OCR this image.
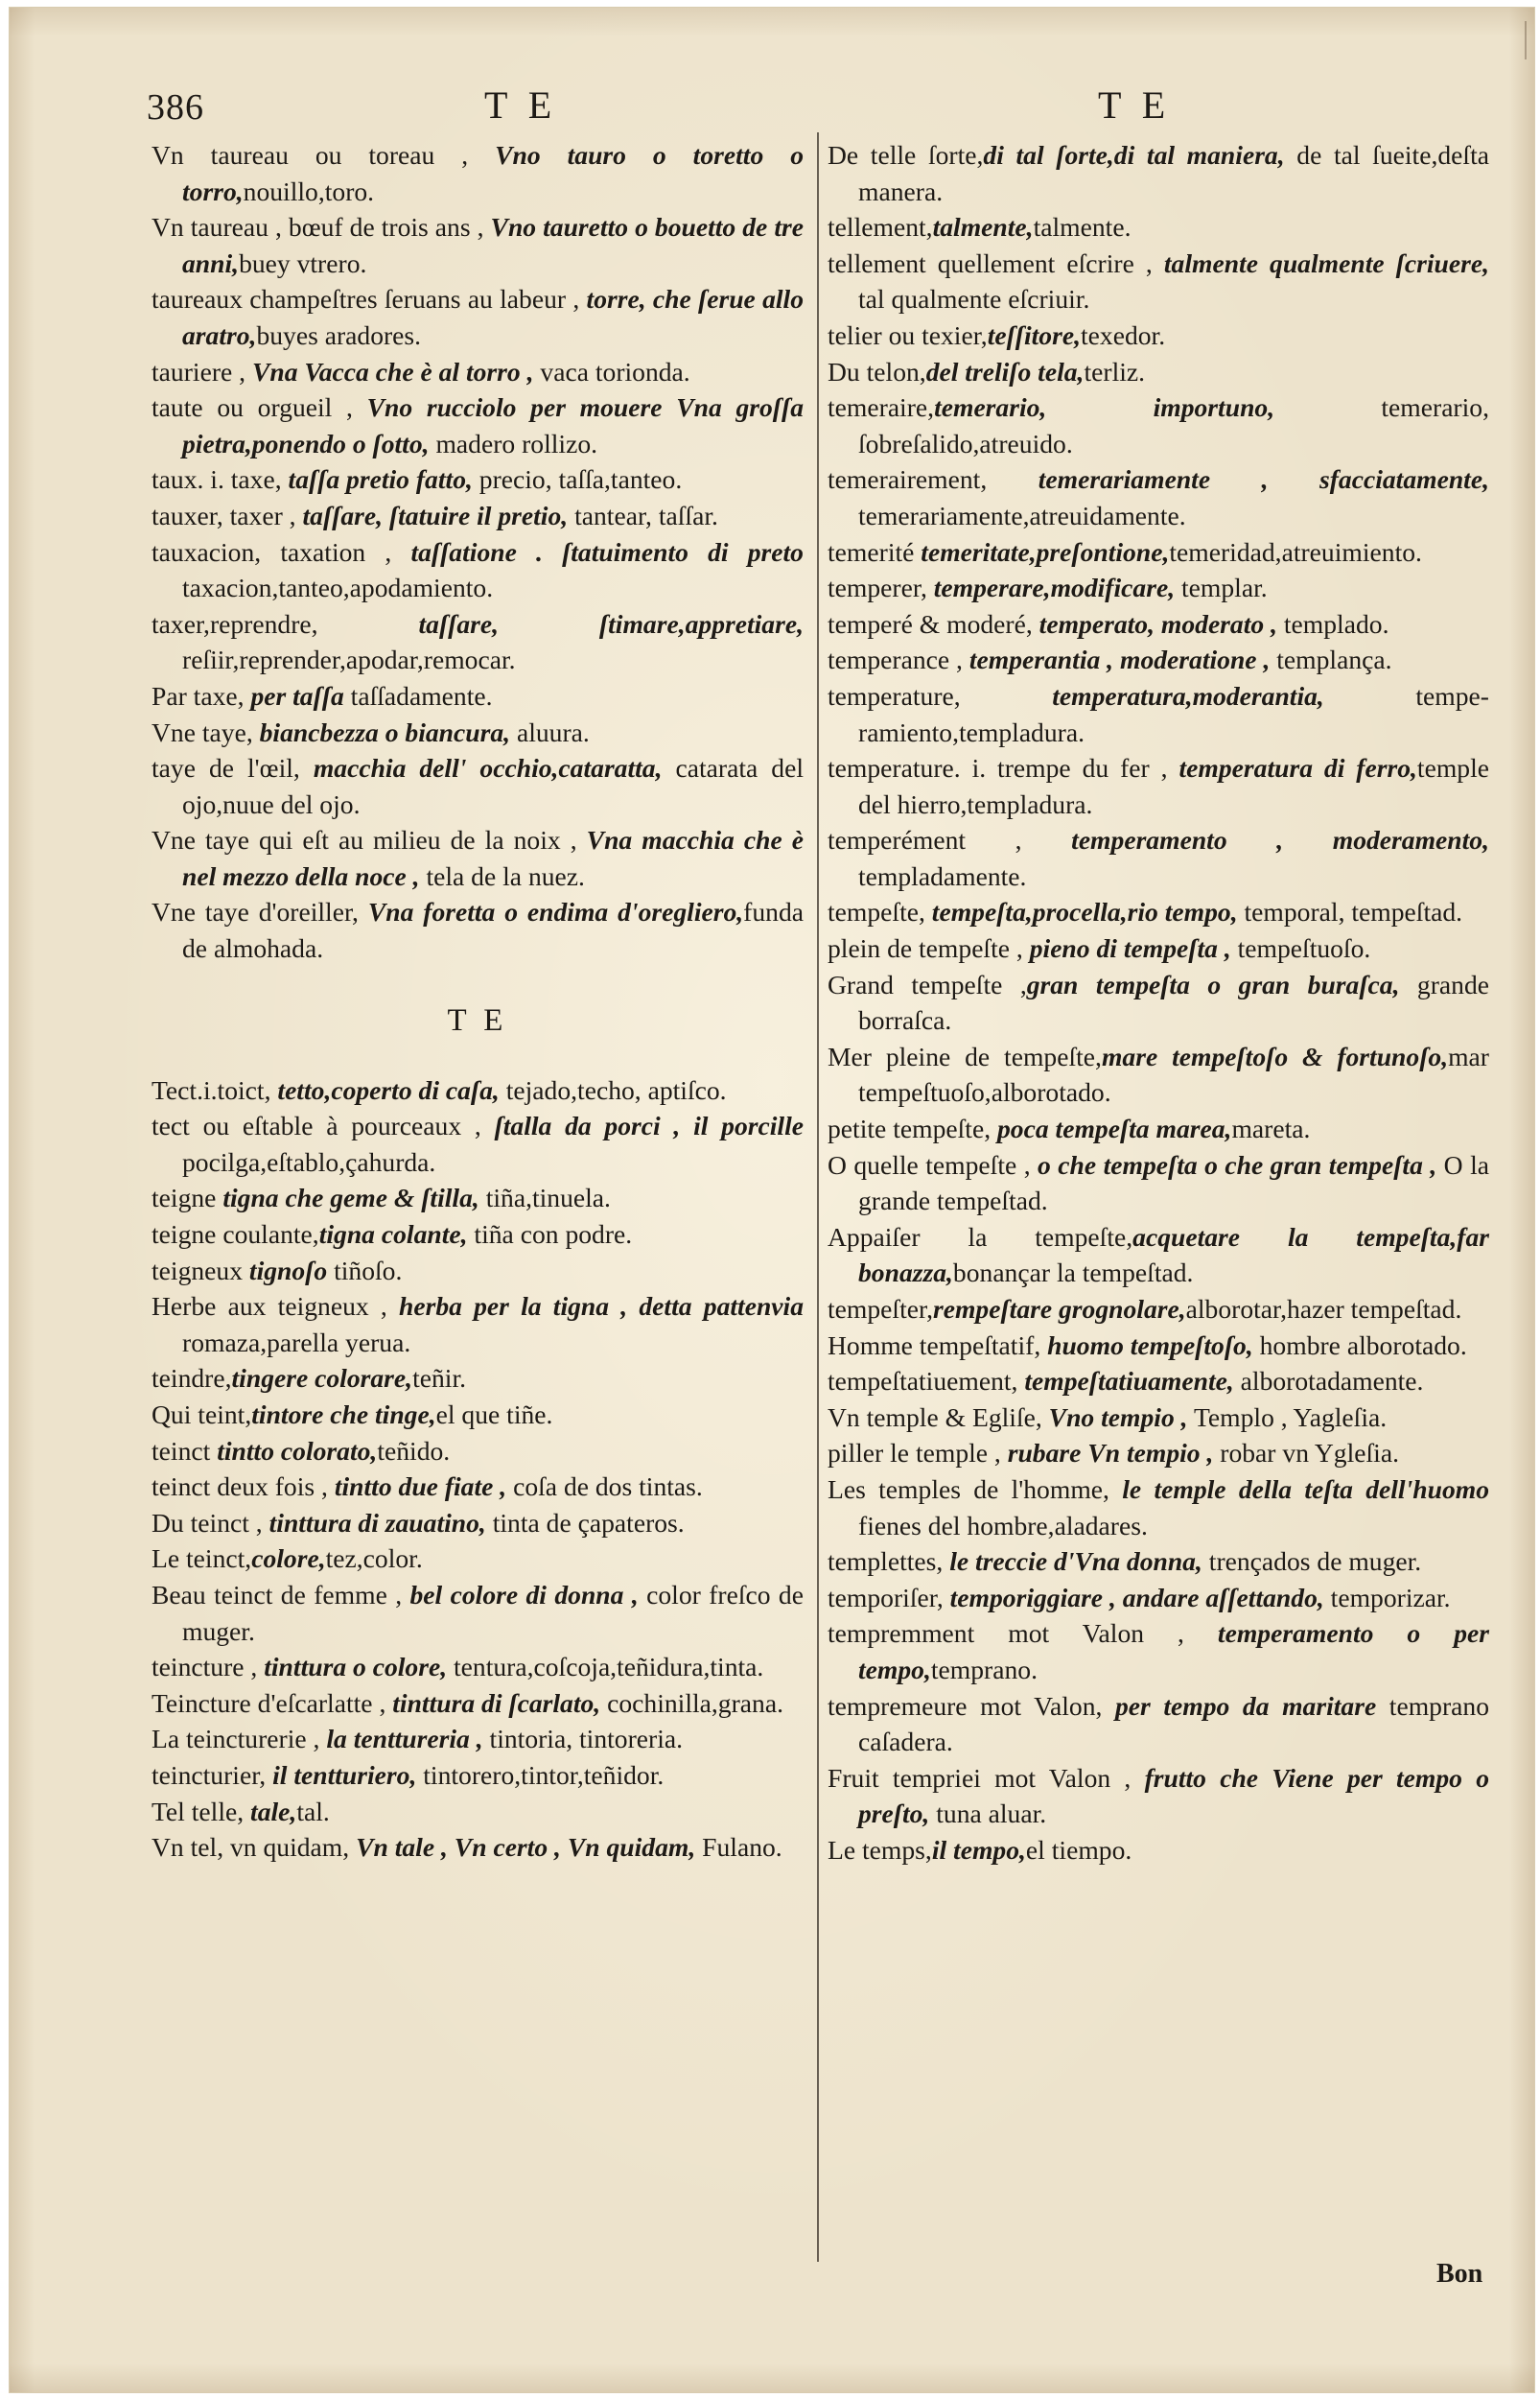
386	T E	T E
Vn taureau ou toreau , Vno tauro o toretto o torro,nouillo,toro.
Vn taureau , bœuf de trois ans , Vno tauretto o bouetto de tre anni,buey vtrero.
taureaux champeſtres ſeruans au labeur , torre, che ſerue allo aratro,buyes aradores.
tauriere , Vna Vacca che è al torro , vaca toriondа.
taute ou orgueil , Vno rucciolo per mouere Vna groſſa pietra,ponendo o ſotto, madero rollizo.
taux. i. taxe, taſſa pretio fatto, precio, taſſa,tanteo.
tauxer, taxer , taſſare, ſtatuire il pretio, tantear, taſſar.
tauxacion, taxation , taſſatione . ſtatuimento di preto taxacion,tanteo,apodamiento.
taxer,reprendre, taſſare, ſtimare,appretiare, reſiir,reprender,apodar,remocar.
Par taxe, per taſſa taſſadamente.
Vne taye, biancbezza o biancura, aluura.
taye de l'œil, macchia dell' occhio,cataratta, catarata del ojo,nuue del ojo.
Vne taye qui eſt au milieu de la noix , Vna macchia che è nel mezzo della noce , tela de la nuez.
Vne taye d'oreiller, Vna foretta o endima d'oregliero,funda de almohada.
T E
Tect.i.toict, tetto,coperto di caſa, tejado,techo, aptiſco.
tect ou eſtable à pourceaux , ſtalla da porci , il porcille pocilga,eſtablo,çahurda.
teigne tigna che geme & ſtilla, tiña,tinuela.
teigne coulante,tigna colante, tiña con podre.
teigneux tignoſo tiñoſo.
Herbe aux teigneux , herba per la tigna , detta pattenvia romaza,parella yerua.
teindre,tingere colorare,teñir.
Qui teint,tintore che tinge,el que tiñe.
teinct tintto colorato,teñido.
teinct deux fois , tintto due fiate , coſa de dos tintas.
Du teinct , tinttura di zauatino, tinta de çapateros.
Le teinct,colore,tez,color.
Beau teinct de femme , bel colore di donna , color freſco de muger.
teincture , tinttura o colore, tentura,coſcoja,teñidura,tinta.
Teincture d'eſcarlatte , tinttura di ſcarlato, cochinilla,grana.
La teincturerie , la tenttureria , tintoria, tintoreria.
teincturier, il tentturiero, tintorero,tintor,teñidor.
Tel telle, tale,tal.
Vn tel, vn quidam, Vn tale , Vn certo , Vn quidam, Fulano.
De telle ſorte,di tal ſorte,di tal maniera, de tal ſueite,deſta manera.
tellement,talmente,talmente.
tellement quellement eſcrire , talmente qualmente ſcriuere, tal qualmente eſcriuir.
telier ou texier,teſſitore,texedor.
Du telon,del treliſo tela,terliz.
temeraire,temerario, importuno, temerario, ſobreſalido,atreuido.
temerairement, temerariamente , sfacciatamente, temerariamente,atreuidamente.
temerité temeritate,preſontione,temeridad,atreuimiento.
temperer, temperare,modificare, templar.
temperé & moderé, temperato, moderato , templado.
temperance , temperantia , moderatione , templança.
temperature, temperatura,moderantia, temperamiento,templadura.
temperature. i. trempe du fer , temperatura di ferro,temple del hierro,templadura.
temperément , temperamento , moderamento, templadamente.
tempeſte, tempeſta,procella,rio tempo, temporal, tempeſtad.
plein de tempeſte , pieno di tempeſta , tempeſtuoſo.
Grand tempeſte ,gran tempeſta o gran buraſca, grande borraſca.
Mer pleine de tempeſte,mare tempeſtoſo & fortunoſo,mar tempeſtuoſo,alborotado.
petite tempeſte, poca tempeſta marea,mareta.
O quelle tempeſte , o che tempeſta o che gran tempeſta , O la grande tempeſtad.
Appaiſer la tempeſte,acquetare la tempeſta,far bonazza,bonançar la tempeſtad.
tempeſter,rempeſtare grognolare,alborotar,hazer tempeſtad.
Homme tempeſtatif, huomo tempeſtoſo, hombre alborotado.
tempeſtatiuement, tempeſtatiuamente, alborotadamente.
Vn temple & Egliſe, Vno tempio , Templo , Yagleſia.
piller le temple , rubare Vn tempio , robar vn Ygleſia.
Les temples de l'homme, le temple della teſta dell'huomo fienes del hombre,aladares.
templettes, le treccie d'Vna donna, trençados de muger.
temporiſer, temporiggiare , andare aſſettando, temporizar.
tempremment mot Valon , temperamento o per tempo,temprano.
tempremeure mot Valon, per tempo da maritare temprano caſadera.
Fruit tempriei mot Valon , frutto che Viene per tempo o preſto, tuna aluar.
Le temps,il tempo,el tiempo.
Bon
